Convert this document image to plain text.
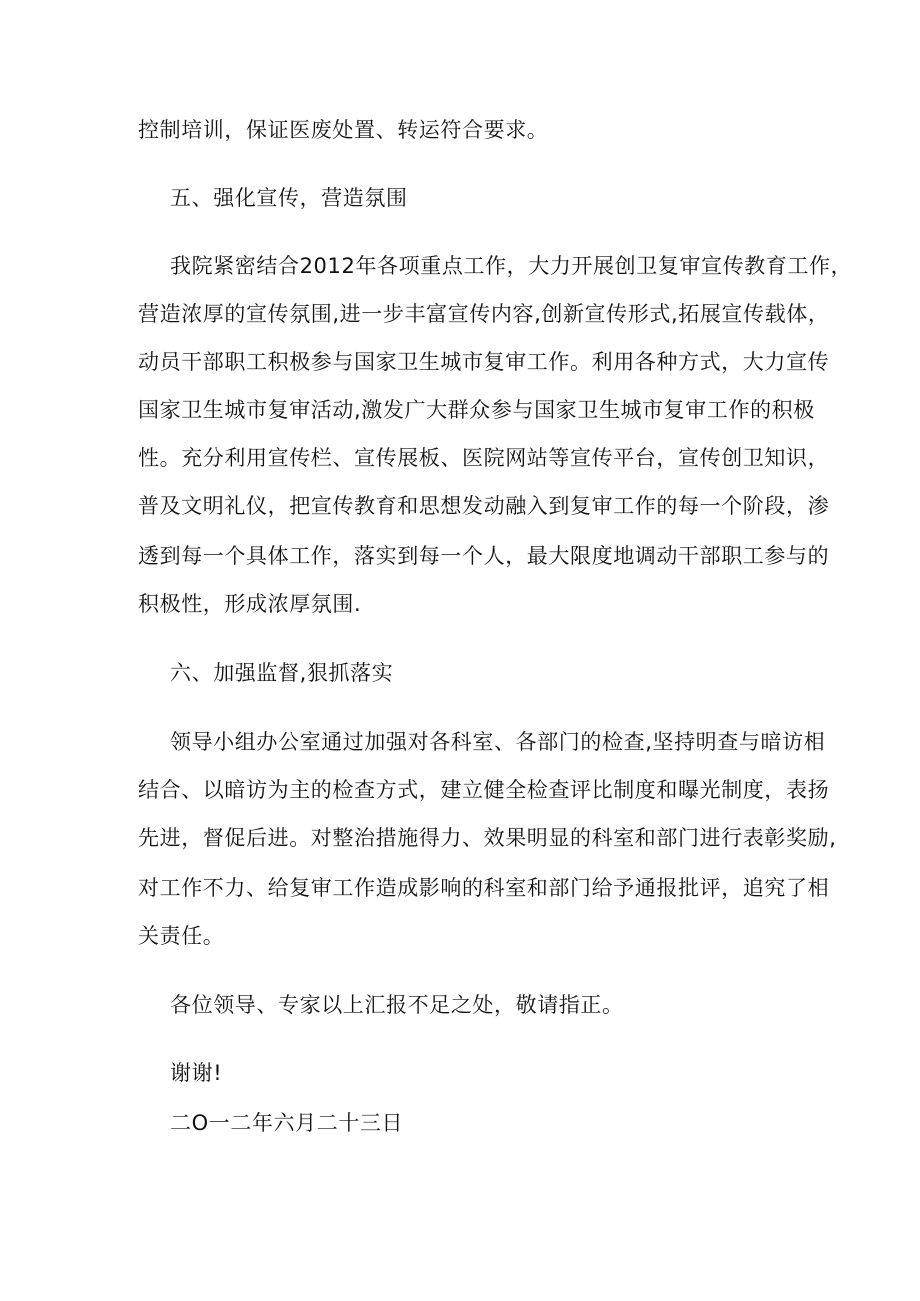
控制培训，保证医废处置、转运符合要求。
五、强化宣传，营造氛围
我院紧密结合2012年各项重点工作，大力开展创卫复审宣传教育工作，
营造浓厚的宣传氛围,进一步丰富宣传内容,创新宣传形式,拓展宣传载体，
动员干部职工积极参与国家卫生城市复审工作。利用各种方式，大力宣传
国家卫生城市复审活动,激发广大群众参与国家卫生城市复审工作的积极
性。充分利用宣传栏、宣传展板、医院网站等宣传平台，宣传创卫知识，
普及文明礼仪，把宣传教育和思想发动融入到复审工作的每一个阶段，渗
透到每一个具体工作，落实到每一个人，最大限度地调动干部职工参与的
积极性，形成浓厚氛围.
六、加强监督,狠抓落实
领导小组办公室通过加强对各科室、各部门的检查,坚持明查与暗访相
结合、以暗访为主的检查方式，建立健全检查评比制度和曝光制度，表扬
先进，督促后进。对整治措施得力、效果明显的科室和部门进行表彰奖励,
对工作不力、给复审工作造成影响的科室和部门给予通报批评，追究了相
关责任。
各位领导、专家以上汇报不足之处，敬请指正。
谢谢!
二O一二年六月二十三日
